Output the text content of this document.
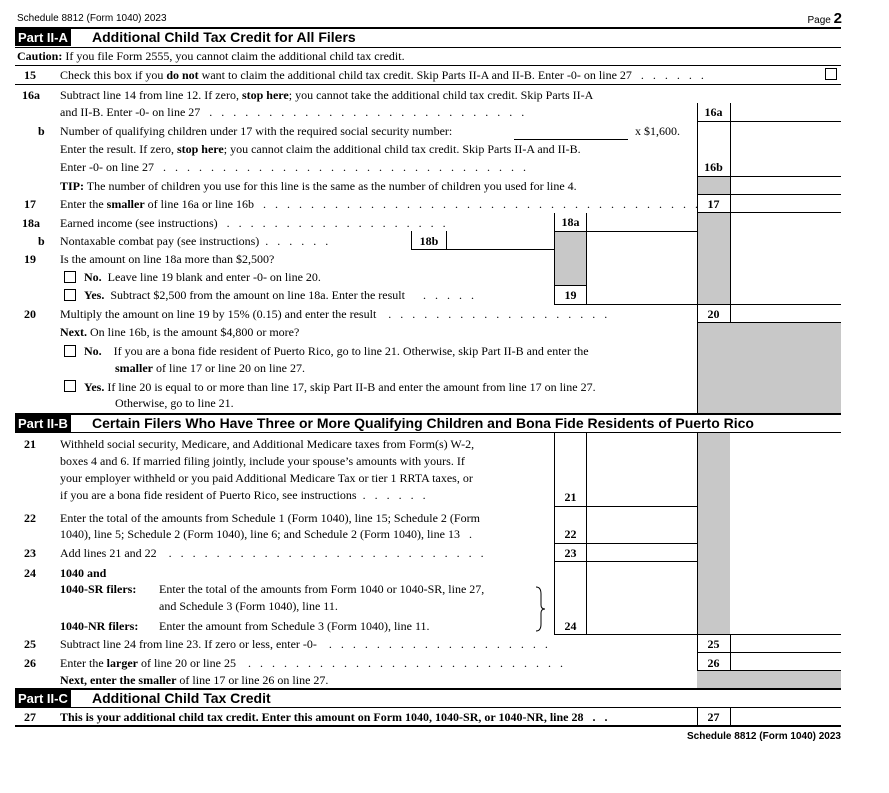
Schedule 8812 (Form 1040) 2023	Page 2
Part II-A Additional Child Tax Credit for All Filers
Caution: If you file Form 2555, you cannot claim the additional child tax credit.
15 Check this box if you do not want to claim the additional child tax credit. Skip Parts II-A and II-B. Enter -0- on line 27   .   .   .   .   .   .
16a Subtract line 14 from line 12. If zero, stop here; you cannot take the additional child tax credit. Skip Parts II-A
and II-B. Enter -0- on line 27   .   .   .   .   .   .   .   .   .   .   .   .   .   .   .   .   .   .   .   .   .   .   .   .   .   .   .	16a
b Number of qualifying children under 17 with the required social security number:	x $1,600.
Enter the result. If zero, stop here; you cannot claim the additional child tax credit. Skip Parts II-A and II-B.
Enter -0- on line 27   .   .   .   .   .   .   .   .   .   .   .   .   .   .   .   .   .   .   .   .   .   .   .   .   .   .   .   .   .   .   .	16b
TIP: The number of children you use for this line is the same as the number of children you used for line 4.
17 Enter the smaller of line 16a or line 16b   .   .   .   .   .   .   .   .   .   .   .   .   .   .   .   .   .   .   .   .   .   .   .   .   .   .   .   .   .   .   .   .   .   .   .   .   . 17
18a Earned income (see instructions)   .   .   .   .   .   .   .   .   .   .   .   .   .   .   .   .   .   .   .	18a
b Nontaxable combat pay (see instructions)  .   .   .   .   .   .	18b
19 Is the amount on line 18a more than $2,500?
No. Leave line 19 blank and enter -0- on line 20.
Yes. Subtract $2,500 from the amount on line 18a. Enter the result      .   .   .   .   .	19
20 Multiply the amount on line 19 by 15% (0.15) and enter the result    .   .   .   .   .   .   .   .   .   .   .   .   .   .   .   .   .   .   .	20
Next. On line 16b, is the amount $4,800 or more?
No. If you are a bona fide resident of Puerto Rico, go to line 21. Otherwise, skip Part II-B and enter the
smaller of line 17 or line 20 on line 27.
Yes. If line 20 is equal to or more than line 17, skip Part II-B and enter the amount from line 17 on line 27.
Otherwise, go to line 21.
Part II-B Certain Filers Who Have Three or More Qualifying Children and Bona Fide Residents of Puerto Rico
21 Withheld social security, Medicare, and Additional Medicare taxes from Form(s) W-2,
boxes 4 and 6. If married filing jointly, include your spouse’s amounts with yours. If
your employer withheld or you paid Additional Medicare Tax or tier 1 RRTA taxes, or
if you are a bona fide resident of Puerto Rico, see instructions  .   .   .   .   .   .	21
22 Enter the total of the amounts from Schedule 1 (Form 1040), line 15; Schedule 2 (Form
1040), line 5; Schedule 2 (Form 1040), line 6; and Schedule 2 (Form 1040), line 13   .	22
23 Add lines 21 and 22    .   .   .   .   .   .   .   .   .   .   .   .   .   .   .   .   .   .   .   .   .   .   .   .   .   .   .	23
24 1040 and
1040-SR filers: Enter the total of the amounts from Form 1040 or 1040-SR, line 27,
and Schedule 3 (Form 1040), line 11.
1040-NR filers: Enter the amount from Schedule 3 (Form 1040), line 11.	24
25 Subtract line 24 from line 23. If zero or less, enter -0-    .   .   .   .   .   .   .   .   .   .   .   .   .   .   .   .   .   .   .	25
26 Enter the larger of line 20 or line 25    .   .   .   .   .   .   .   .   .   .   .   .   .   .   .   .   .   .   .   .   .   .   .   .   .   .   .	26
Next, enter the smaller of line 17 or line 26 on line 27.
Part II-C Additional Child Tax Credit
27 This is your additional child tax credit. Enter this amount on Form 1040, 1040-SR, or 1040-NR, line 28   .   .	27
Schedule 8812 (Form 1040) 2023
